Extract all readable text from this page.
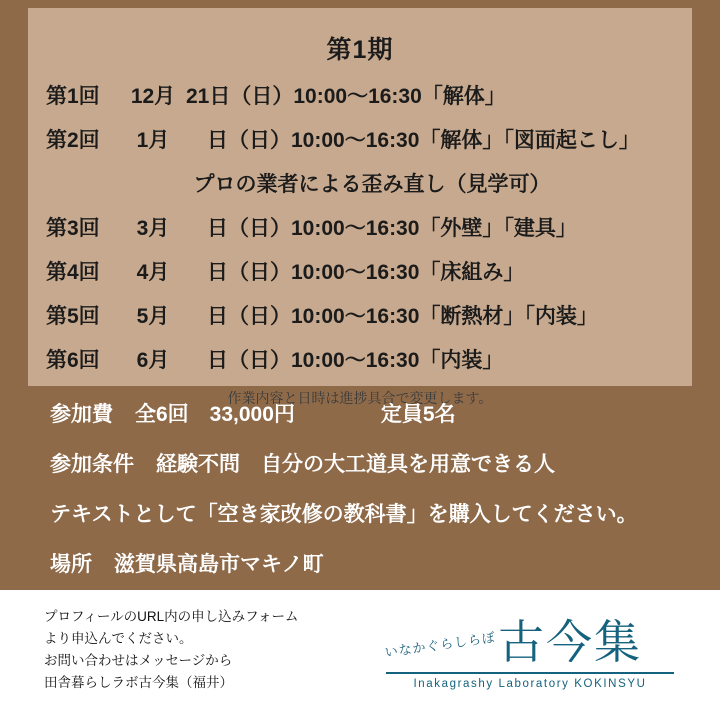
第1期
第1回	12月 21日（日）10:00〜16:30「解体」
第2回	1月 　日（日）10:00〜16:30「解体」「図面起こし」
プロの業者による歪み直し（見学可）
第3回	3月 　日（日）10:00〜16:30「外壁」「建具」
第4回	4月 　日（日）10:00〜16:30「床組み」
第5回	5月 　日（日）10:00〜16:30「断熱材」「内装」
第6回	6月 　日（日）10:00〜16:30「内装」
作業内容と日時は進捗具合で変更します。
参加費 全6回　33,000円	定員5名
参加条件 経験不問　自分の大工道具を用意できる人
テキストとして「空き家改修の教科書」を購入してください。
場所 滋賀県高島市マキノ町
プロフィールのURL内の申し込みフォーム
より申込んでください。
お問い合わせはメッセージから
田舎暮らしラボ古今集（福井）
いなかぐらしらぼ 古今集
Inakagrashy Laboratory KOKINSYU
